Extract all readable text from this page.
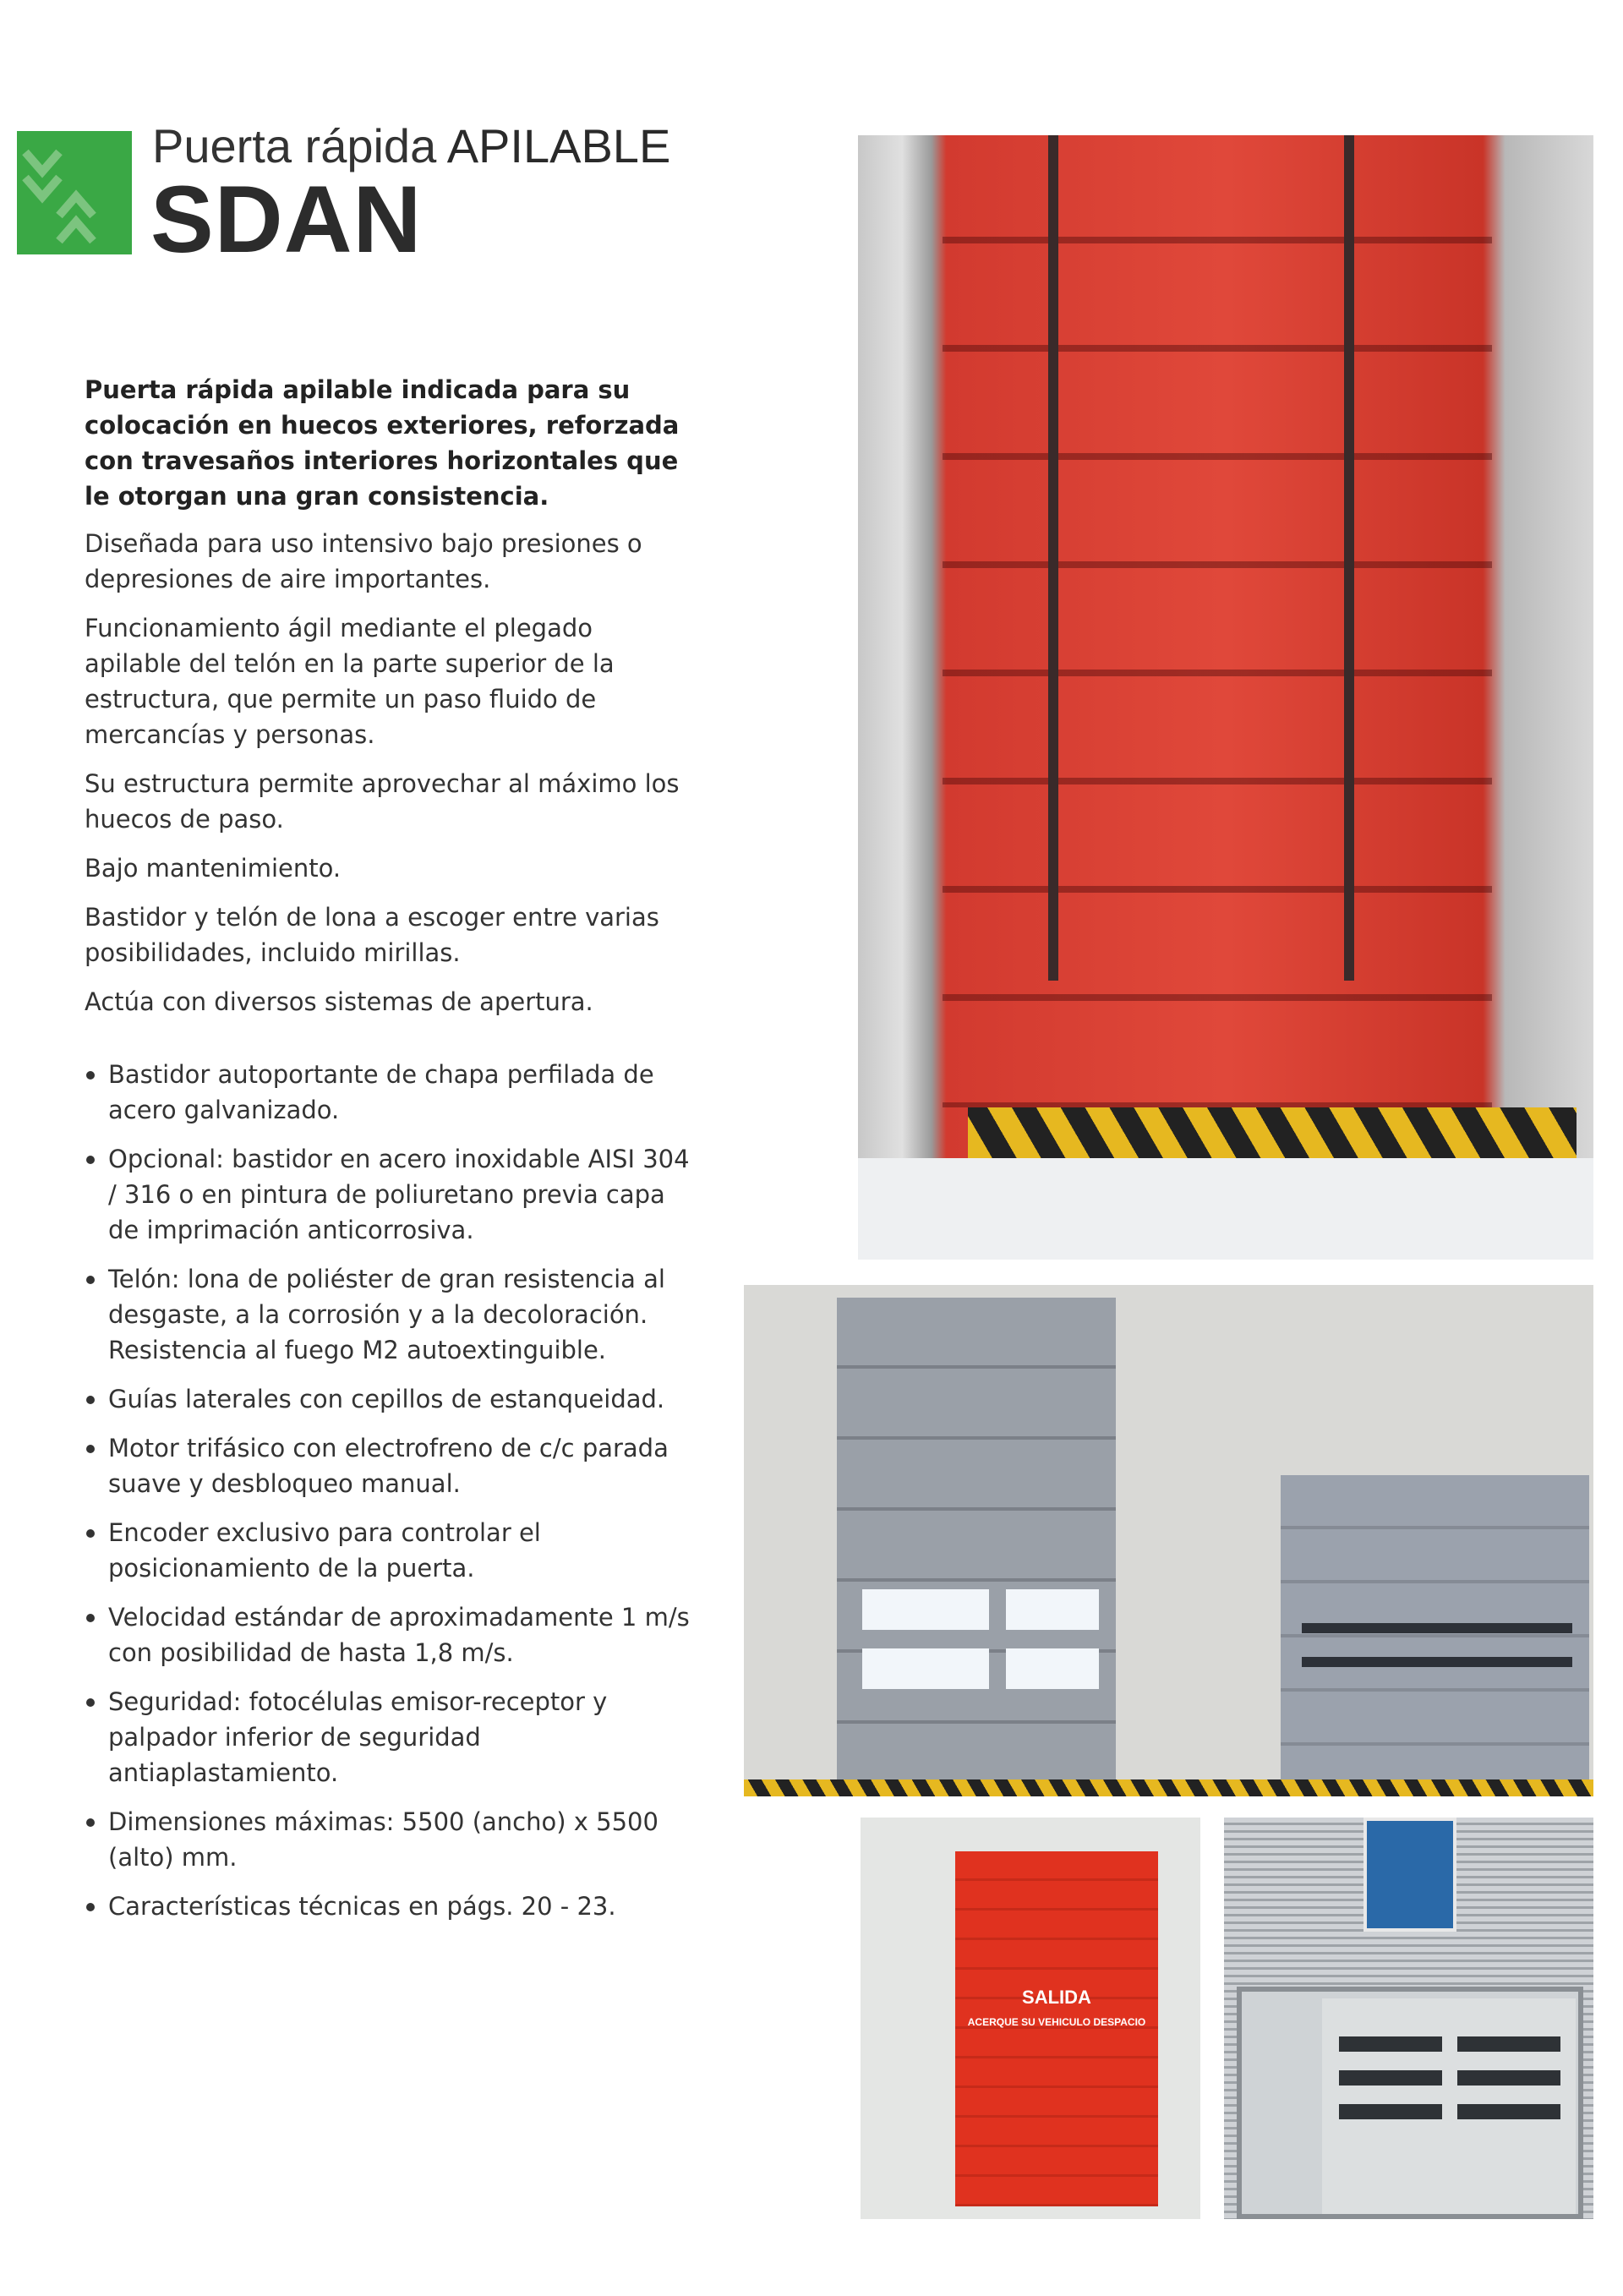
Puerta rápida APILABLE
SDAN

Puerta rápida apilable indicada para su colocación en huecos exteriores, reforzada con travesaños interiores horizontales que le otorgan una gran consistencia.

Diseñada para uso intensivo bajo presiones o depresiones de aire importantes.

Funcionamiento ágil mediante el plegado apilable del telón en la parte superior de la estructura, que permite un paso fluido de mercancías y personas.

Su estructura permite aprovechar al máximo los huecos de paso.

Bajo mantenimiento.

Bastidor y telón de lona a escoger entre varias posibilidades, incluido mirillas.

Actúa con diversos sistemas de apertura.

Bastidor autoportante de chapa perfilada de acero galvanizado.
Opcional: bastidor en acero inoxidable AISI 304 / 316 o en pintura de poliuretano previa capa de imprimación anticorrosiva.
Telón: lona de poliéster de gran resistencia al desgaste, a la corrosión y a la decoloración. Resistencia al fuego M2 autoextinguible.
Guías laterales con cepillos de estanqueidad.
Motor trifásico con electrofreno de c/c parada suave y desbloqueo manual.
Encoder exclusivo para controlar el posicionamiento de la puerta.
Velocidad estándar de aproximadamente 1 m/s con posibilidad de hasta 1,8 m/s.
Seguridad: fotocélulas emisor-receptor y palpador inferior de seguridad antiaplastamiento.
Dimensiones máximas: 5500 (ancho) x 5500 (alto) mm.
Características técnicas en págs. 20 - 23.
SALIDA
ACERQUE SU VEHICULO DESPACIO
